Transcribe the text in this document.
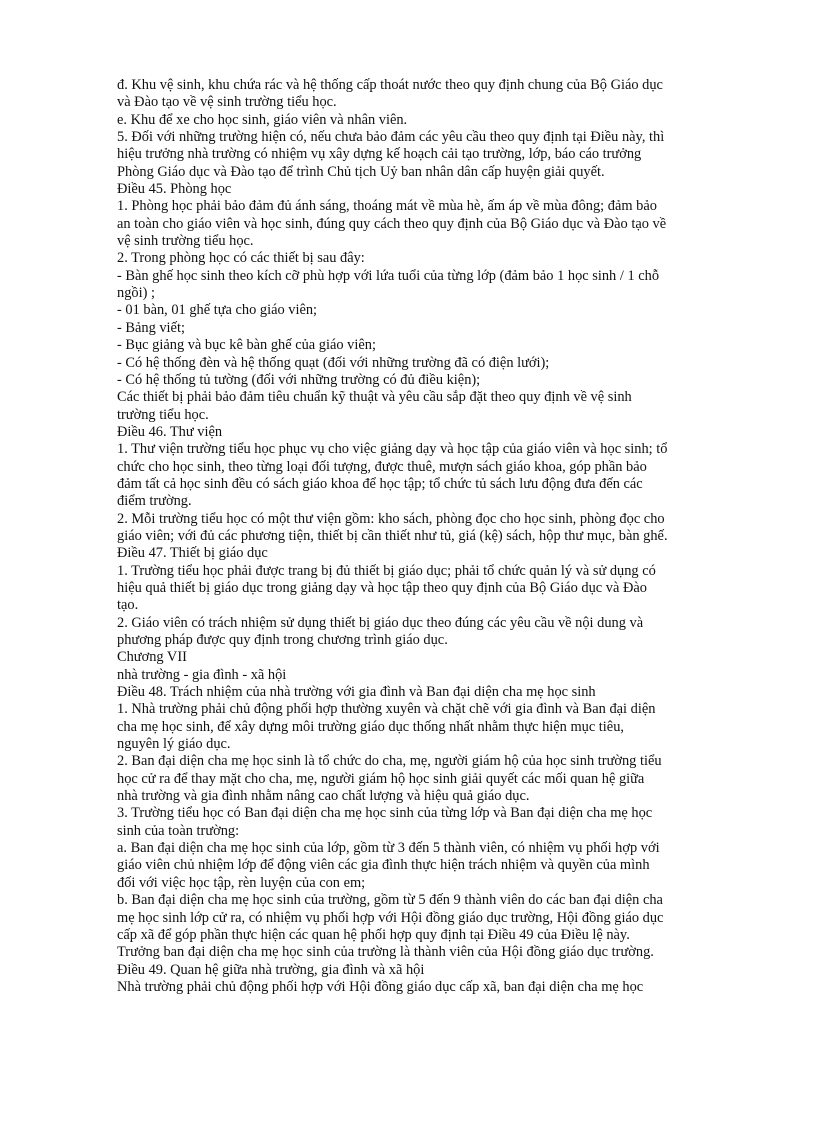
đ. Khu vệ sinh, khu chứa rác và hệ thống cấp thoát nước theo quy định chung của Bộ Giáo dục
và Đào tạo về vệ sinh trường tiểu học.
e. Khu để xe cho học sinh, giáo viên và nhân viên.
5. Đối với những trường hiện có, nếu chưa bảo đảm các yêu cầu theo quy định tại Điều này, thì
hiệu trưởng nhà trường có nhiệm vụ xây dựng kế hoạch cải tạo trường, lớp, báo cáo trưởng
Phòng Giáo dục và Đào tạo để trình Chủ tịch Uỷ ban nhân dân cấp huyện giải quyết.
Điều 45. Phòng học
1. Phòng học phải bảo đảm đủ ánh sáng, thoáng mát về mùa hè, ấm áp về mùa đông; đảm bảo
an toàn cho giáo viên và học sinh, đúng quy cách theo quy định của Bộ Giáo dục và Đào tạo về
vệ sinh trường tiểu học.
2. Trong phòng học có các thiết bị sau đây:
- Bàn ghế học sinh theo kích cỡ phù hợp với lứa tuổi của từng lớp (đảm bảo 1 học sinh / 1 chỗ
ngồi) ;
- 01 bàn, 01 ghế tựa cho giáo viên;
- Bảng viết;
- Bục giảng và bục kê bàn ghế của giáo viên;
- Có hệ thống đèn và hệ thống quạt (đối với những trường đã có điện lưới);
- Có hệ thống tủ tường (đối với những trường có đủ điều kiện);
Các thiết bị phải bảo đảm tiêu chuẩn kỹ thuật và yêu cầu sắp đặt theo quy định về vệ sinh
trường tiểu học.
Điều 46. Thư viện
1. Thư viện trường tiểu học phục vụ cho việc giảng dạy và học tập của giáo viên và học sinh; tổ
chức cho học sinh, theo từng loại đối tượng, được thuê, mượn sách giáo khoa, góp phần bảo
đảm tất cả học sinh đều có sách giáo khoa để học tập; tổ chức tủ sách lưu động đưa đến các
điểm trường.
2. Mỗi trường tiểu học có một thư viện gồm: kho sách, phòng đọc cho học sinh, phòng đọc cho
giáo viên; với đủ các phương tiện, thiết bị cần thiết như tủ, giá (kệ) sách, hộp thư mục, bàn ghế.
Điều 47. Thiết bị giáo dục
1. Trường tiểu học phải được trang bị đủ thiết bị giáo dục; phải tổ chức quản lý và sử dụng có
hiệu quả thiết bị giáo dục trong giảng dạy và học tập theo quy định của Bộ Giáo dục và Đào
tạo.
2. Giáo viên có trách nhiệm sử dụng thiết bị giáo dục theo đúng các yêu cầu về nội dung và
phương pháp được quy định trong chương trình giáo dục.
Chương VII
nhà trường - gia đình - xã hội
Điều 48. Trách nhiệm của nhà trường với gia đình và Ban đại diện cha mẹ học sinh
1. Nhà trường phải chủ động phối hợp thường xuyên và chặt chẽ với gia đình và Ban đại diện
cha mẹ học sinh, để xây dựng môi trường giáo dục thống nhất nhằm thực hiện mục tiêu,
nguyên lý giáo dục.
2. Ban đại diện cha mẹ học sinh là tổ chức do cha, mẹ, người giám hộ của học sinh trường tiểu
học cử ra để thay mặt cho cha, mẹ, người giám hộ học sinh giải quyết các mối quan hệ giữa
nhà trường và gia đình nhằm nâng cao chất lượng và hiệu quả giáo dục.
3. Trường tiểu học có Ban đại diện cha mẹ học sinh của từng lớp và Ban đại diện cha mẹ học
sinh của toàn trường:
a. Ban đại diện cha mẹ học sinh của lớp, gồm từ 3 đến 5 thành viên, có nhiệm vụ phối hợp với
giáo viên chủ nhiệm lớp để động viên các gia đình thực hiện trách nhiệm và quyền của mình
đối với việc học tập, rèn luyện của con em;
b. Ban đại diện cha mẹ học sinh của trường, gồm từ 5 đến 9 thành viên do các ban đại diện cha
mẹ học sinh lớp cử ra, có nhiệm vụ phối hợp với Hội đồng giáo dục trường, Hội đồng giáo dục
cấp xã để góp phần thực hiện các quan hệ phối hợp quy định tại Điều 49 của Điều lệ này.
Trưởng ban đại diện cha mẹ học sinh của trường là thành viên của Hội đồng giáo dục trường.
Điều 49. Quan hệ giữa nhà trường, gia đình và xã hội
Nhà trường phải chủ động phối hợp với Hội đồng giáo dục cấp xã, ban đại diện cha mẹ học
